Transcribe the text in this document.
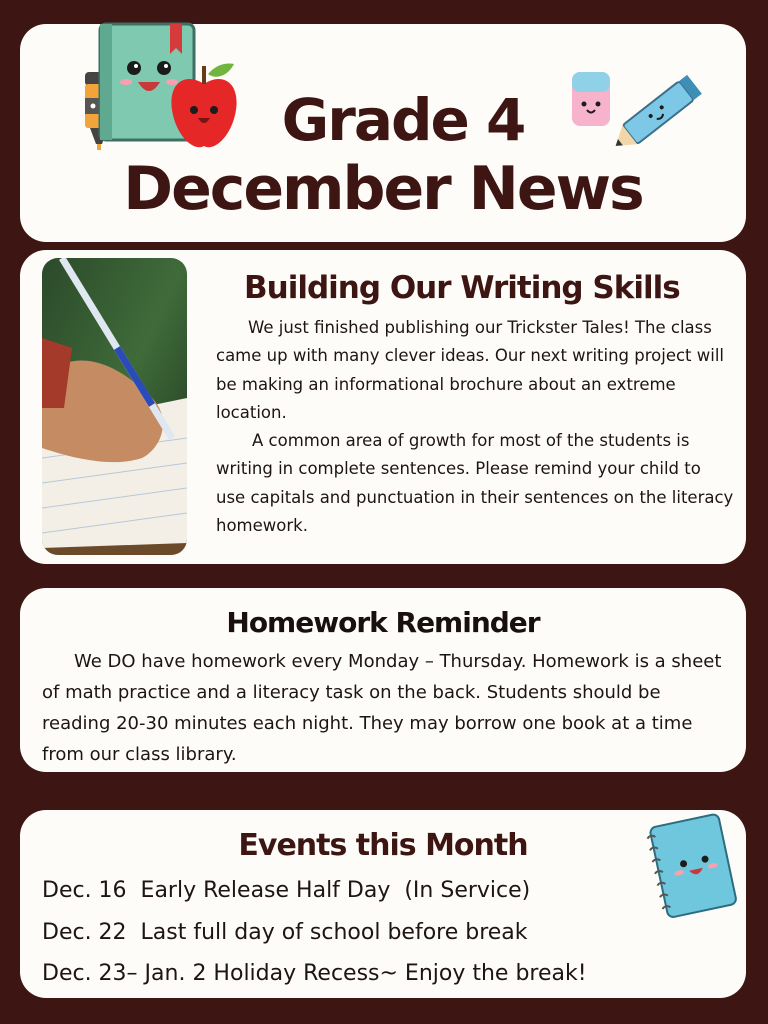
Grade 4
December News
Building Our Writing Skills

We just finished publishing our Trickster Tales! The class came up with many clever ideas. Our next writing project will be making an informational brochure about an extreme location.

A common area of growth for most of the students is writing in complete sentences. Please remind your child to use capitals and punctuation in their sentences on the literacy homework.

Homework Reminder

We DO have homework every Monday – Thursday. Homework is a sheet of math practice and a literacy task on the back. Students should be reading 20-30 minutes each night. They may borrow one book at a time from our class library.

Events this Month
Dec. 16  Early Release Half Day  (In Service)
Dec. 22  Last full day of school before break
Dec. 23– Jan. 2 Holiday Recess~ Enjoy the break!
